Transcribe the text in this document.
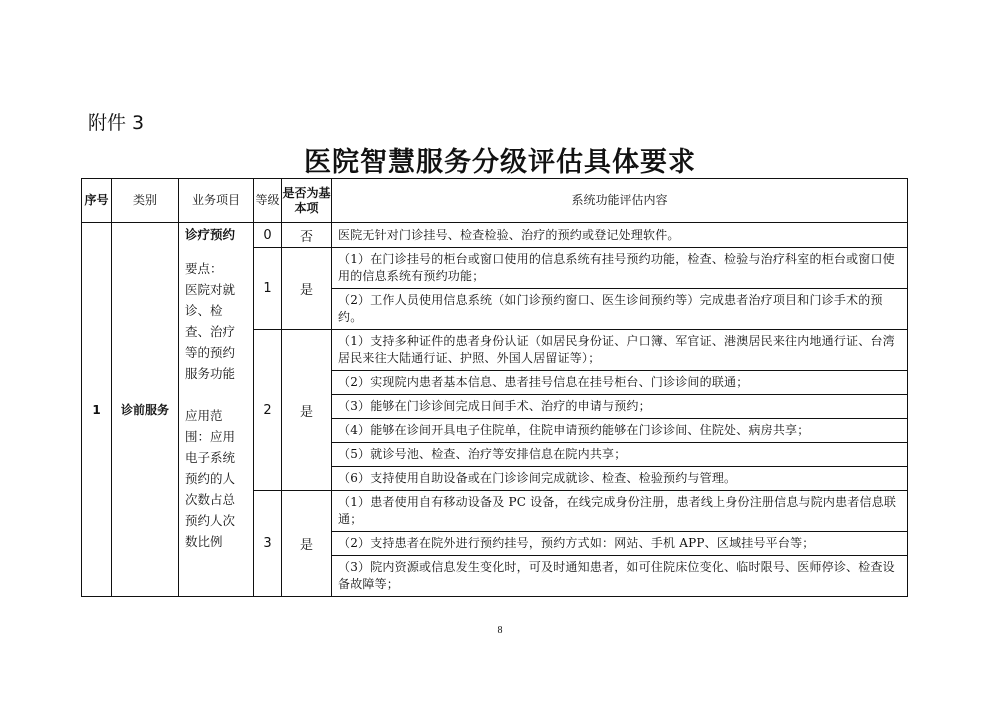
附件 3
医院智慧服务分级评估具体要求
序号	类别	业务项目	等级	是否为基本项	系统功能评估内容
1	诊前服务	诊疗预约
要点：
医院对就诊、检查、治疗等的预约服务功能

应用范围：应用电子系统预约的人次数占总预约人次数比例	0	否	医院无针对门诊挂号、检查检验、治疗的预约或登记处理软件。
			1	是	（1）在门诊挂号的柜台或窗口使用的信息系统有挂号预约功能，检查、检验与治疗科室的柜台或窗口使用的信息系统有预约功能；
					（2）工作人员使用信息系统（如门诊预约窗口、医生诊间预约等）完成患者治疗项目和门诊手术的预约。
			2	是	（1）支持多种证件的患者身份认证（如居民身份证、户口簿、军官证、港澳居民来往内地通行证、台湾居民来往大陆通行证、护照、外国人居留证等）；
					（2）实现院内患者基本信息、患者挂号信息在挂号柜台、门诊诊间的联通；
					（3）能够在门诊诊间完成日间手术、治疗的申请与预约；
					（4）能够在诊间开具电子住院单，住院申请预约能够在门诊诊间、住院处、病房共享；
					（5）就诊号池、检查、治疗等安排信息在院内共享；
					（6）支持使用自助设备或在门诊诊间完成就诊、检查、检验预约与管理。
			3	是	（1）患者使用自有移动设备及 PC 设备，在线完成身份注册，患者线上身份注册信息与院内患者信息联通；
					（2）支持患者在院外进行预约挂号，预约方式如：网站、手机 APP、区域挂号平台等；
					（3）院内资源或信息发生变化时，可及时通知患者，如可住院床位变化、临时限号、医师停诊、检查设备故障等；
8
